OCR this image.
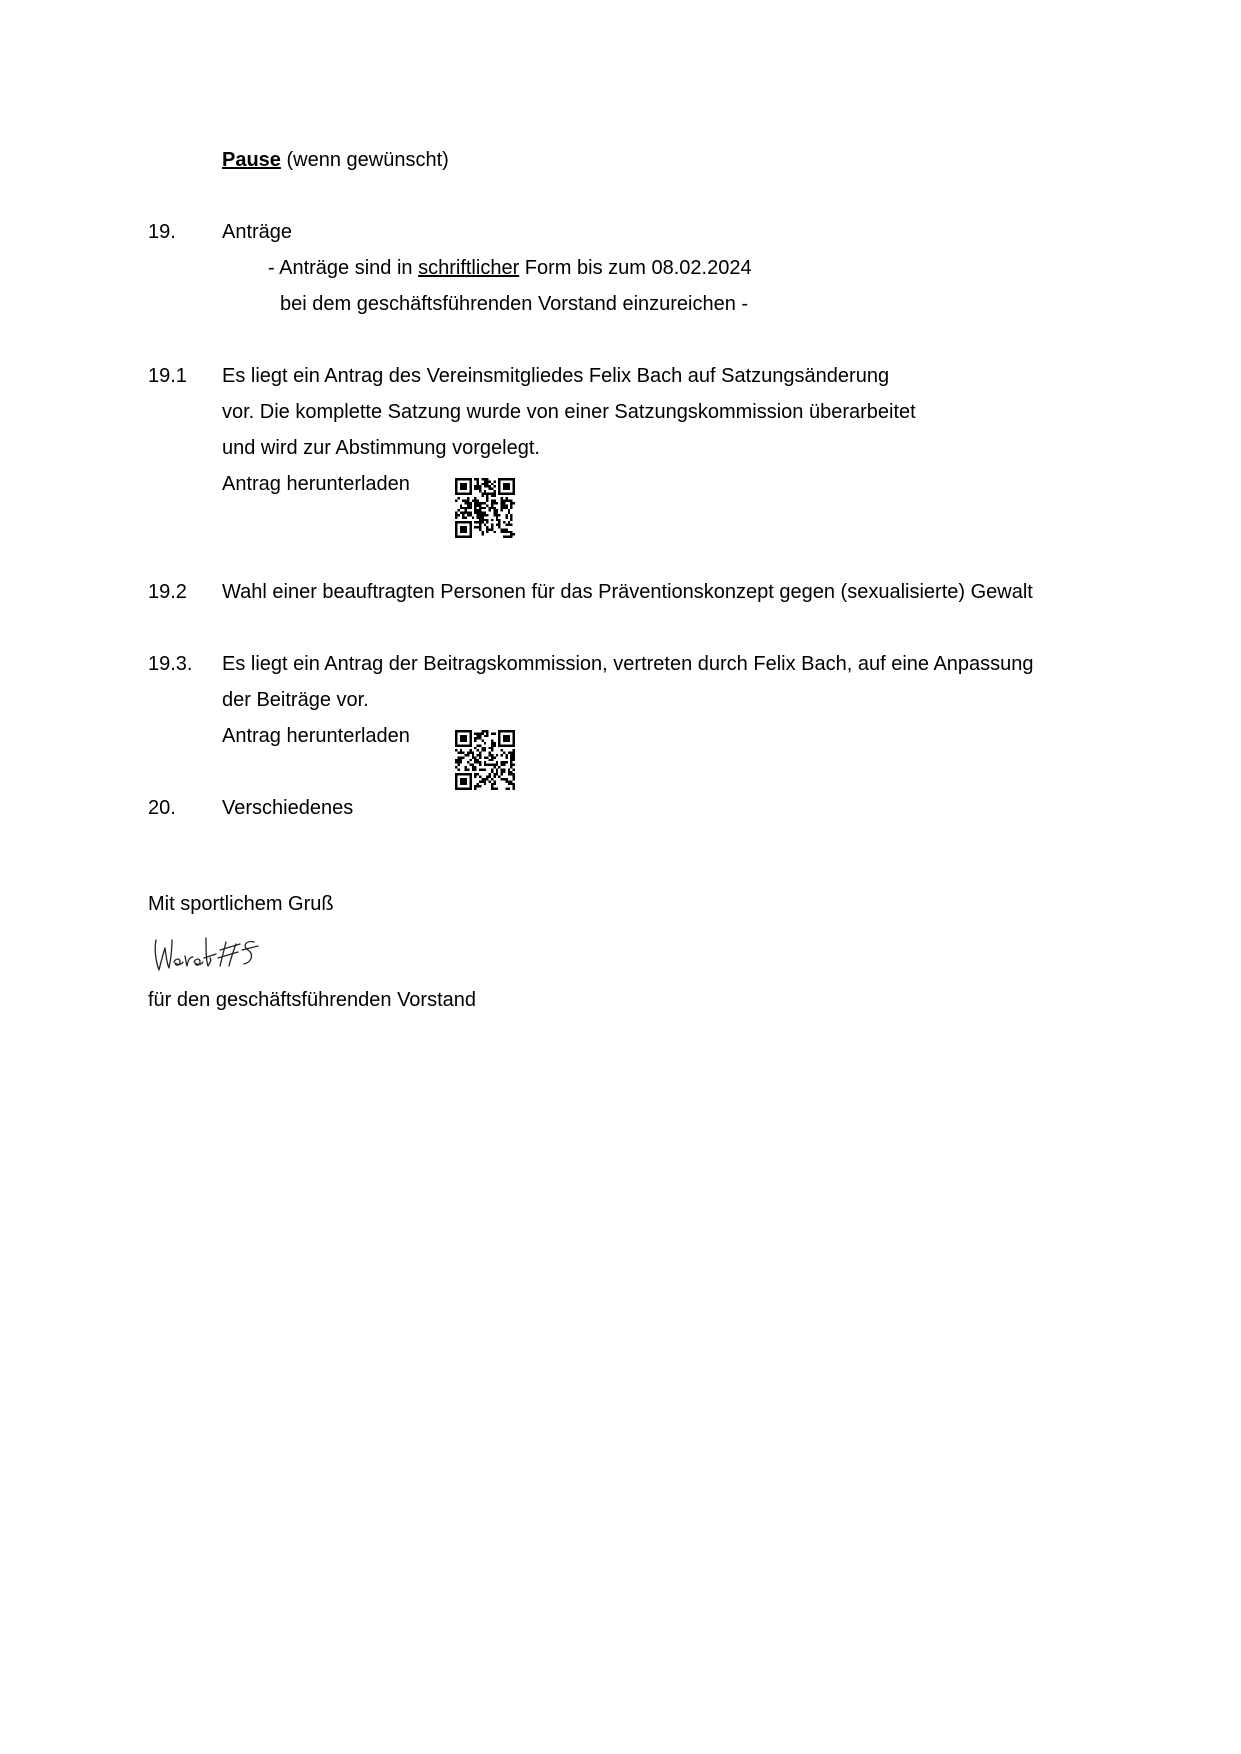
Pause (wenn gewünscht)
19. Anträge
- Anträge sind in schriftlicher Form bis zum 08.02.2024
bei dem geschäftsführenden Vorstand einzureichen -
19.1 Es liegt ein Antrag des Vereinsmitgliedes Felix Bach auf Satzungsänderung
vor. Die komplette Satzung wurde von einer Satzungskommission überarbeitet
und wird zur Abstimmung vorgelegt.
Antrag herunterladen
19.2 Wahl einer beauftragten Personen für das Präventionskonzept gegen (sexualisierte) Gewalt
19.3. Es liegt ein Antrag der Beitragskommission, vertreten durch Felix Bach, auf eine Anpassung
der Beiträge vor.
Antrag herunterladen
20. Verschiedenes
Mit sportlichem Gruß
für den geschäftsführenden Vorstand
